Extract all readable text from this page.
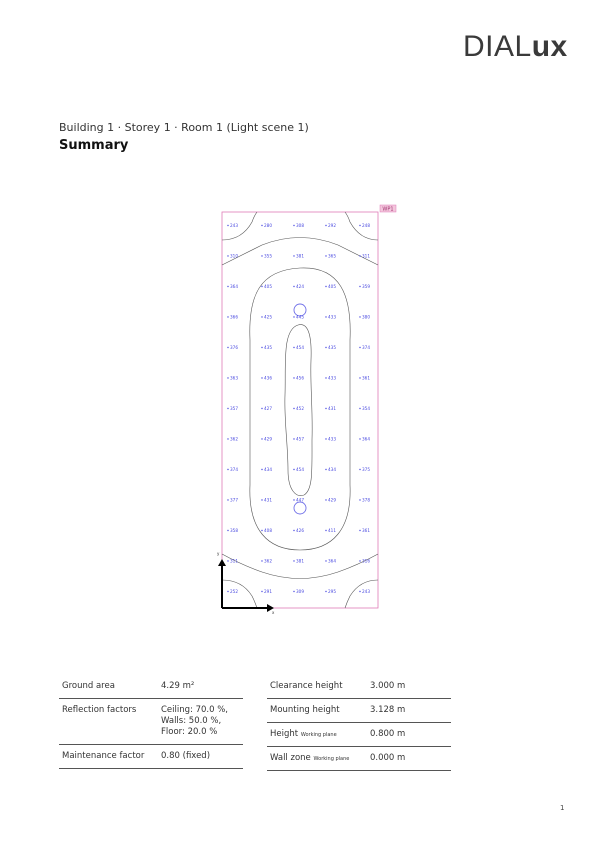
DIALux
Building 1 · Storey 1 · Room 1 (Light scene 1)
Summary
WP1
x
y
243	280	308	292	248
310	355	381	365	311
364	405	424	405	359
366	425	445	433	380
376	435	454	435	374
363	436	456	433	361
357	427	452	431	354
362	429	457	433	364
374	434	454	434	375
377	431	447	429	378
358	408	426	411	361
311	362	381	364	316
252	291	309	295	243
Ground area	4.29 m²
Reflection factors	Ceiling: 70.0 %,
Walls: 50.0 %,
Floor: 20.0 %
Maintenance factor	0.80 (fixed)
Clearance height	3.000 m
Mounting height	3.128 m
Height Working plane	0.800 m
Wall zone Working plane	0.000 m
1
